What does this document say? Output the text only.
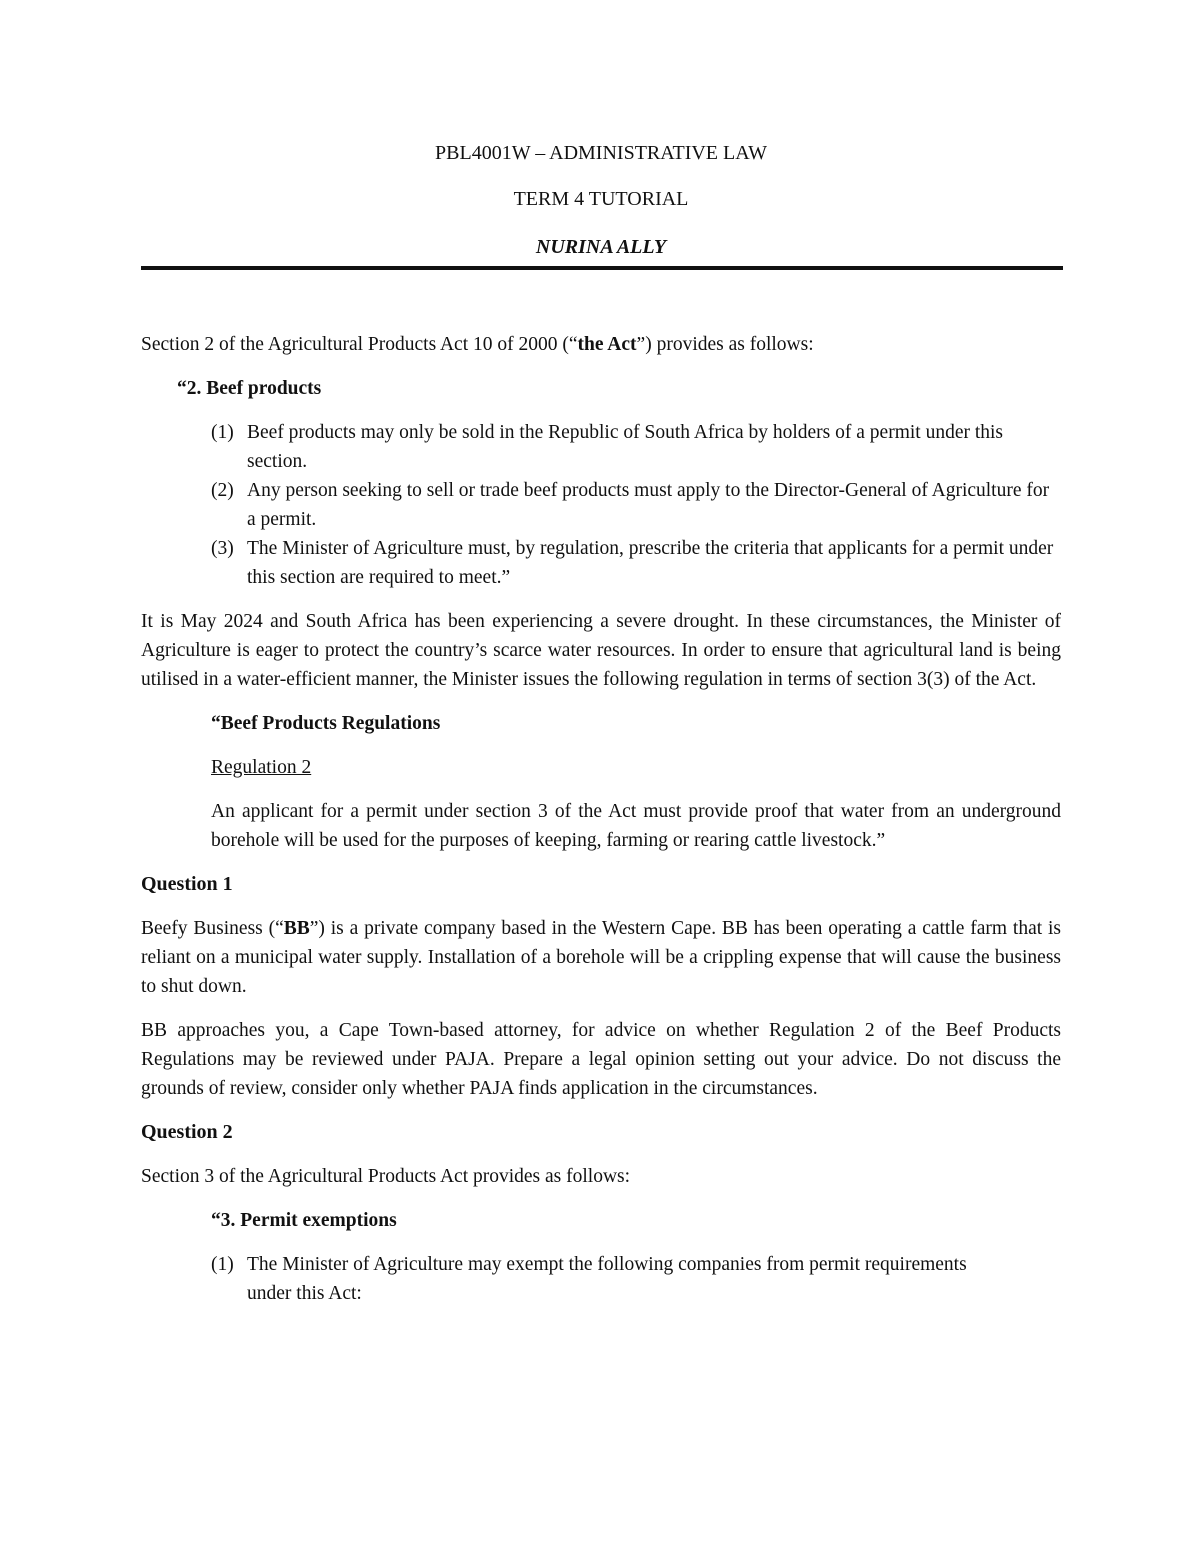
PBL4001W – ADMINISTRATIVE LAW

TERM 4 TUTORIAL

NURINA ALLY

Section 2 of the Agricultural Products Act 10 of 2000 (“the Act”) provides as follows:

“2. Beef products

(1) Beef products may only be sold in the Republic of South Africa by holders of a permit under this section.
(2) Any person seeking to sell or trade beef products must apply to the Director-General of Agriculture for a permit.
(3) The Minister of Agriculture must, by regulation, prescribe the criteria that applicants for a permit under this section are required to meet.”

It is May 2024 and South Africa has been experiencing a severe drought. In these circumstances, the Minister of Agriculture is eager to protect the country’s scarce water resources. In order to ensure that agricultural land is being utilised in a water-efficient manner, the Minister issues the following regulation in terms of section 3(3) of the Act.

“Beef Products Regulations

Regulation 2

An applicant for a permit under section 3 of the Act must provide proof that water from an underground borehole will be used for the purposes of keeping, farming or rearing cattle livestock.”

Question 1

Beefy Business (“BB”) is a private company based in the Western Cape. BB has been operating a cattle farm that is reliant on a municipal water supply. Installation of a borehole will be a crippling expense that will cause the business to shut down.

BB approaches you, a Cape Town-based attorney, for advice on whether Regulation 2 of the Beef Products Regulations may be reviewed under PAJA. Prepare a legal opinion setting out your advice. Do not discuss the grounds of review, consider only whether PAJA finds application in the circumstances.

Question 2

Section 3 of the Agricultural Products Act provides as follows:

“3. Permit exemptions

(1) The Minister of Agriculture may exempt the following companies from permit requirements under this Act:
